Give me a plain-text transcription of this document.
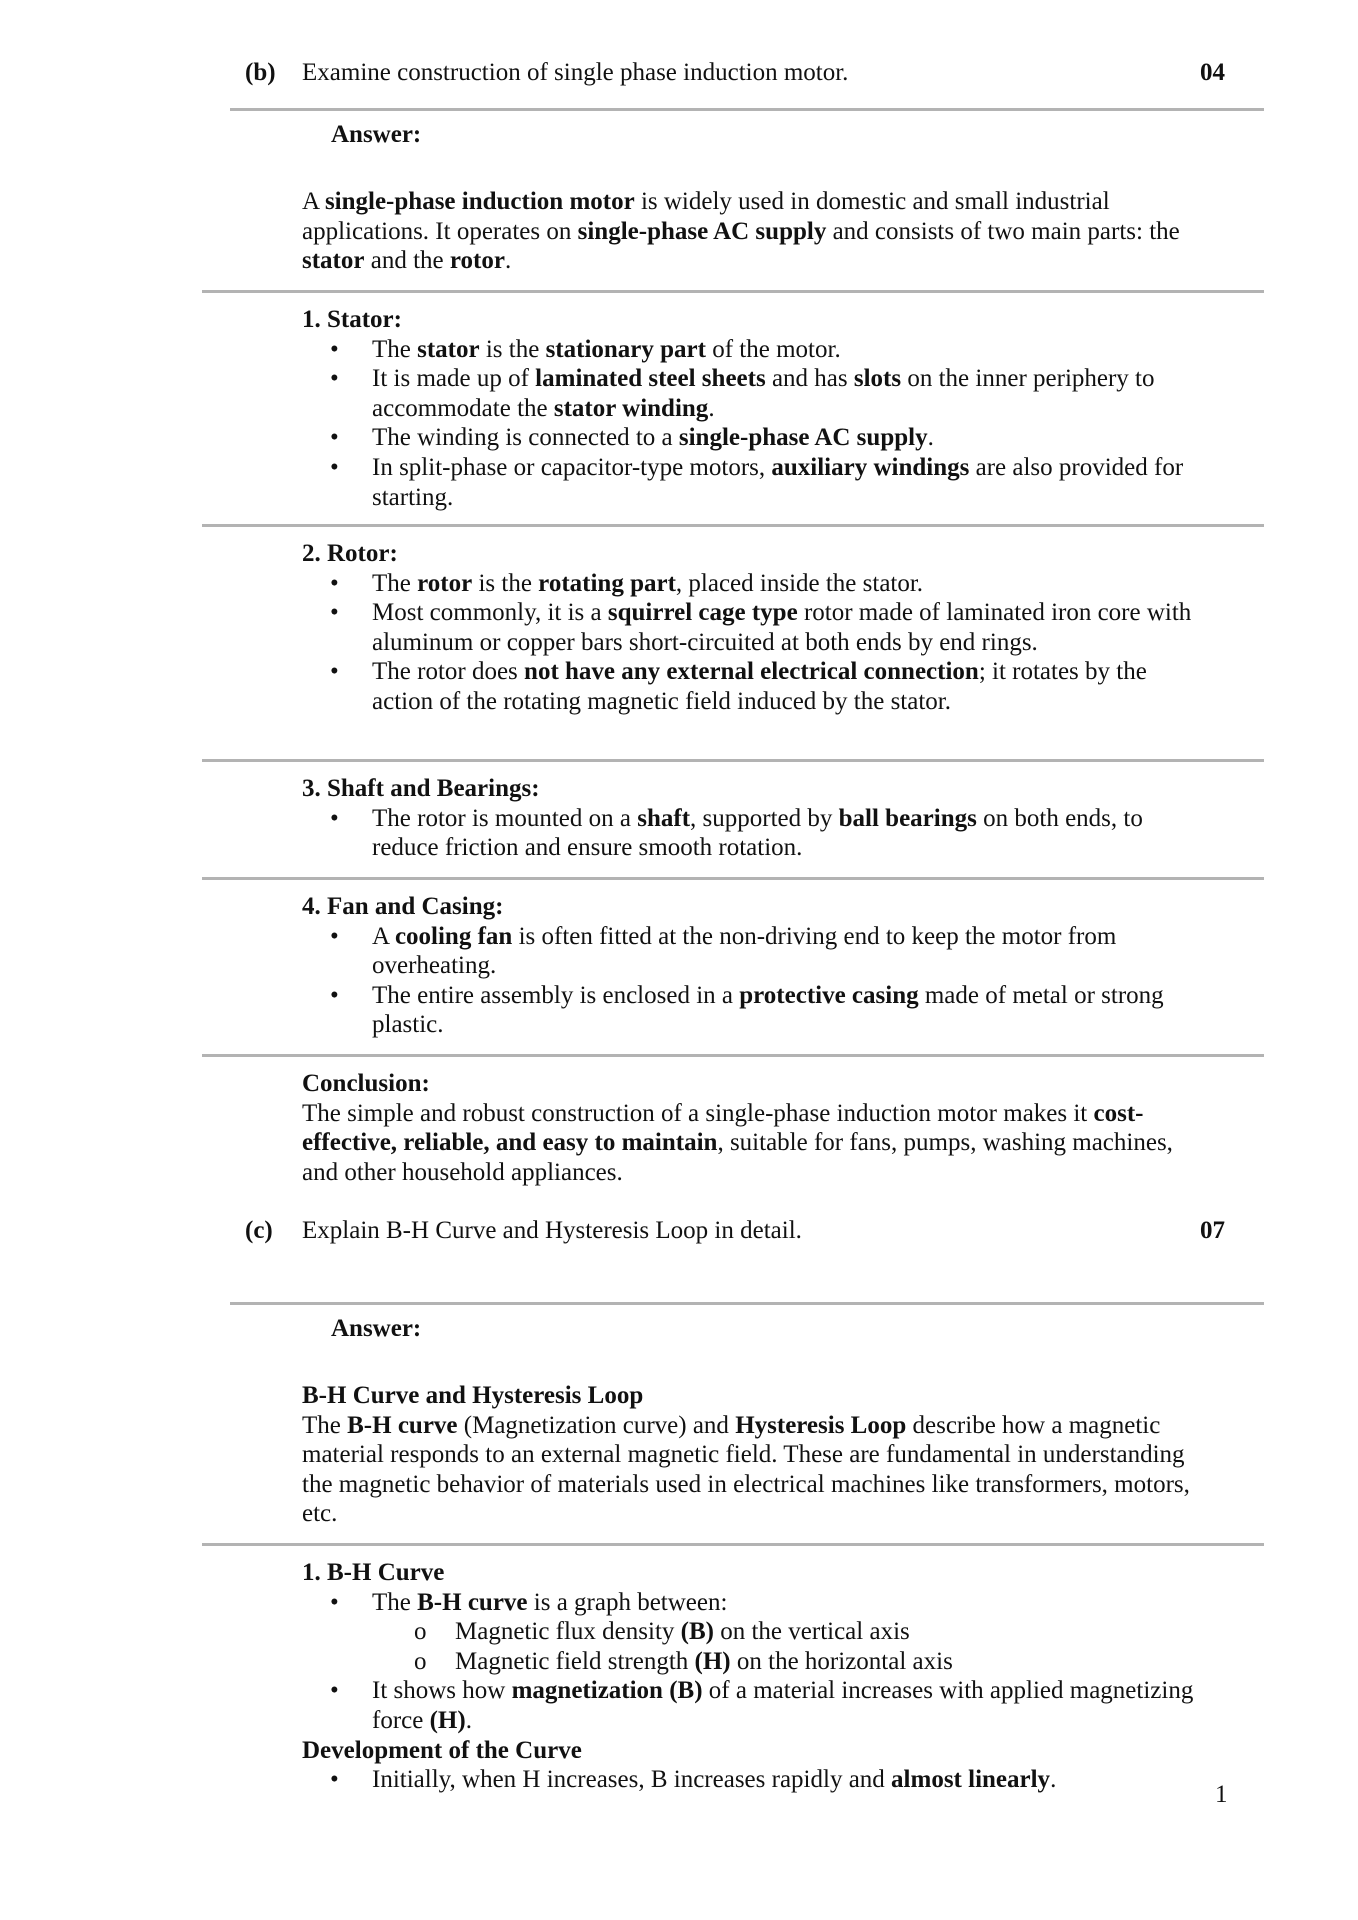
(b) Examine construction of single phase induction motor.	04
Answer:

A single-phase induction motor is widely used in domestic and small industrial applications. It operates on single-phase AC supply and consists of two main parts: the stator and the rotor.

1. Stator:

• The stator is the stationary part of the motor.
• It is made up of laminated steel sheets and has slots on the inner periphery to accommodate the stator winding.
• The winding is connected to a single-phase AC supply.
• In split-phase or capacitor-type motors, auxiliary windings are also provided for starting.

2. Rotor:

• The rotor is the rotating part, placed inside the stator.
• Most commonly, it is a squirrel cage type rotor made of laminated iron core with aluminum or copper bars short-circuited at both ends by end rings.
• The rotor does not have any external electrical connection; it rotates by the action of the rotating magnetic field induced by the stator.

3. Shaft and Bearings:

• The rotor is mounted on a shaft, supported by ball bearings on both ends, to reduce friction and ensure smooth rotation.

4. Fan and Casing:

• A cooling fan is often fitted at the non-driving end to keep the motor from overheating.
• The entire assembly is enclosed in a protective casing made of metal or strong plastic.

Conclusion:

The simple and robust construction of a single-phase induction motor makes it cost-effective, reliable, and easy to maintain, suitable for fans, pumps, washing machines, and other household appliances.

(c) Explain B-H Curve and Hysteresis Loop in detail.	07
Answer:

B-H Curve and Hysteresis Loop

The B-H curve (Magnetization curve) and Hysteresis Loop describe how a magnetic material responds to an external magnetic field. These are fundamental in understanding the magnetic behavior of materials used in electrical machines like transformers, motors, etc.

1. B-H Curve

• The B-H curve is a graph between:
o Magnetic flux density (B) on the vertical axis
o Magnetic field strength (H) on the horizontal axis
• It shows how magnetization (B) of a material increases with applied magnetizing force (H).

Development of the Curve

• Initially, when H increases, B increases rapidly and almost linearly.
1
